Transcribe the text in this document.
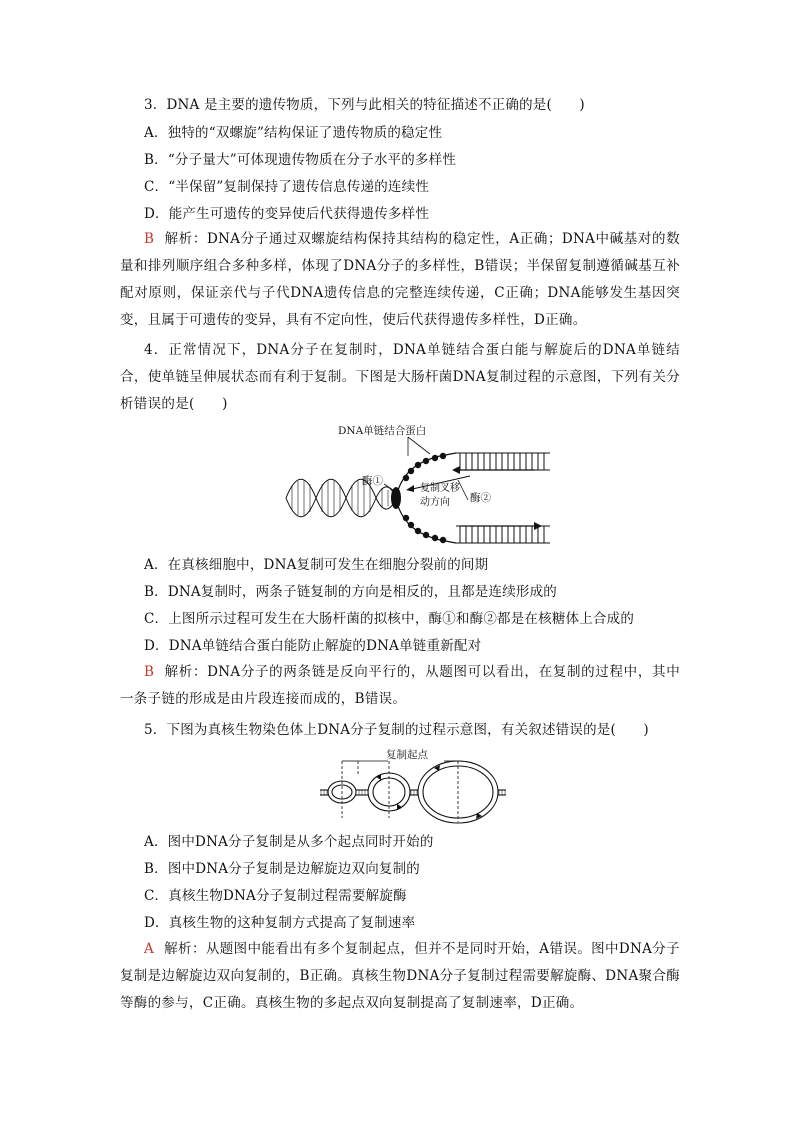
3．DNA 是主要的遗传物质，下列与此相关的特征描述不正确的是(　　)
A．独特的“双螺旋”结构保证了遗传物质的稳定性
B．“分子量大”可体现遗传物质在分子水平的多样性
C．“半保留”复制保持了遗传信息传递的连续性
D．能产生可遗传的变异使后代获得遗传多样性
B 解析：DNA分子通过双螺旋结构保持其结构的稳定性，A正确；DNA中碱基对的数量和排列顺序组合多种多样，体现了DNA分子的多样性，B错误；半保留复制遵循碱基互补配对原则，保证亲代与子代DNA遗传信息的完整连续传递，C正确；DNA能够发生基因突变，且属于可遗传的变异，具有不定向性，使后代获得遗传多样性，D正确。
4．正常情况下，DNA分子在复制时，DNA单链结合蛋白能与解旋后的DNA单链结合，使单链呈伸展状态而有利于复制。下图是大肠杆菌DNA复制过程的示意图，下列有关分析错误的是(　　)
DNA单链结合蛋白
酶①
复制叉移
动方向 酶②
A．在真核细胞中，DNA复制可发生在细胞分裂前的间期
B．DNA复制时，两条子链复制的方向是相反的，且都是连续形成的
C．上图所示过程可发生在大肠杆菌的拟核中，酶①和酶②都是在核糖体上合成的
D．DNA单链结合蛋白能防止解旋的DNA单链重新配对
B 解析：DNA分子的两条链是反向平行的，从题图可以看出，在复制的过程中，其中一条子链的形成是由片段连接而成的，B错误。
5．下图为真核生物染色体上DNA分子复制的过程示意图，有关叙述错误的是(　　)
复制起点
A．图中DNA分子复制是从多个起点同时开始的
B．图中DNA分子复制是边解旋边双向复制的
C．真核生物DNA分子复制过程需要解旋酶
D．真核生物的这种复制方式提高了复制速率
A 解析：从题图中能看出有多个复制起点，但并不是同时开始，A错误。图中DNA分子复制是边解旋边双向复制的，B正确。真核生物DNA分子复制过程需要解旋酶、DNA聚合酶等酶的参与，C正确。真核生物的多起点双向复制提高了复制速率，D正确。
